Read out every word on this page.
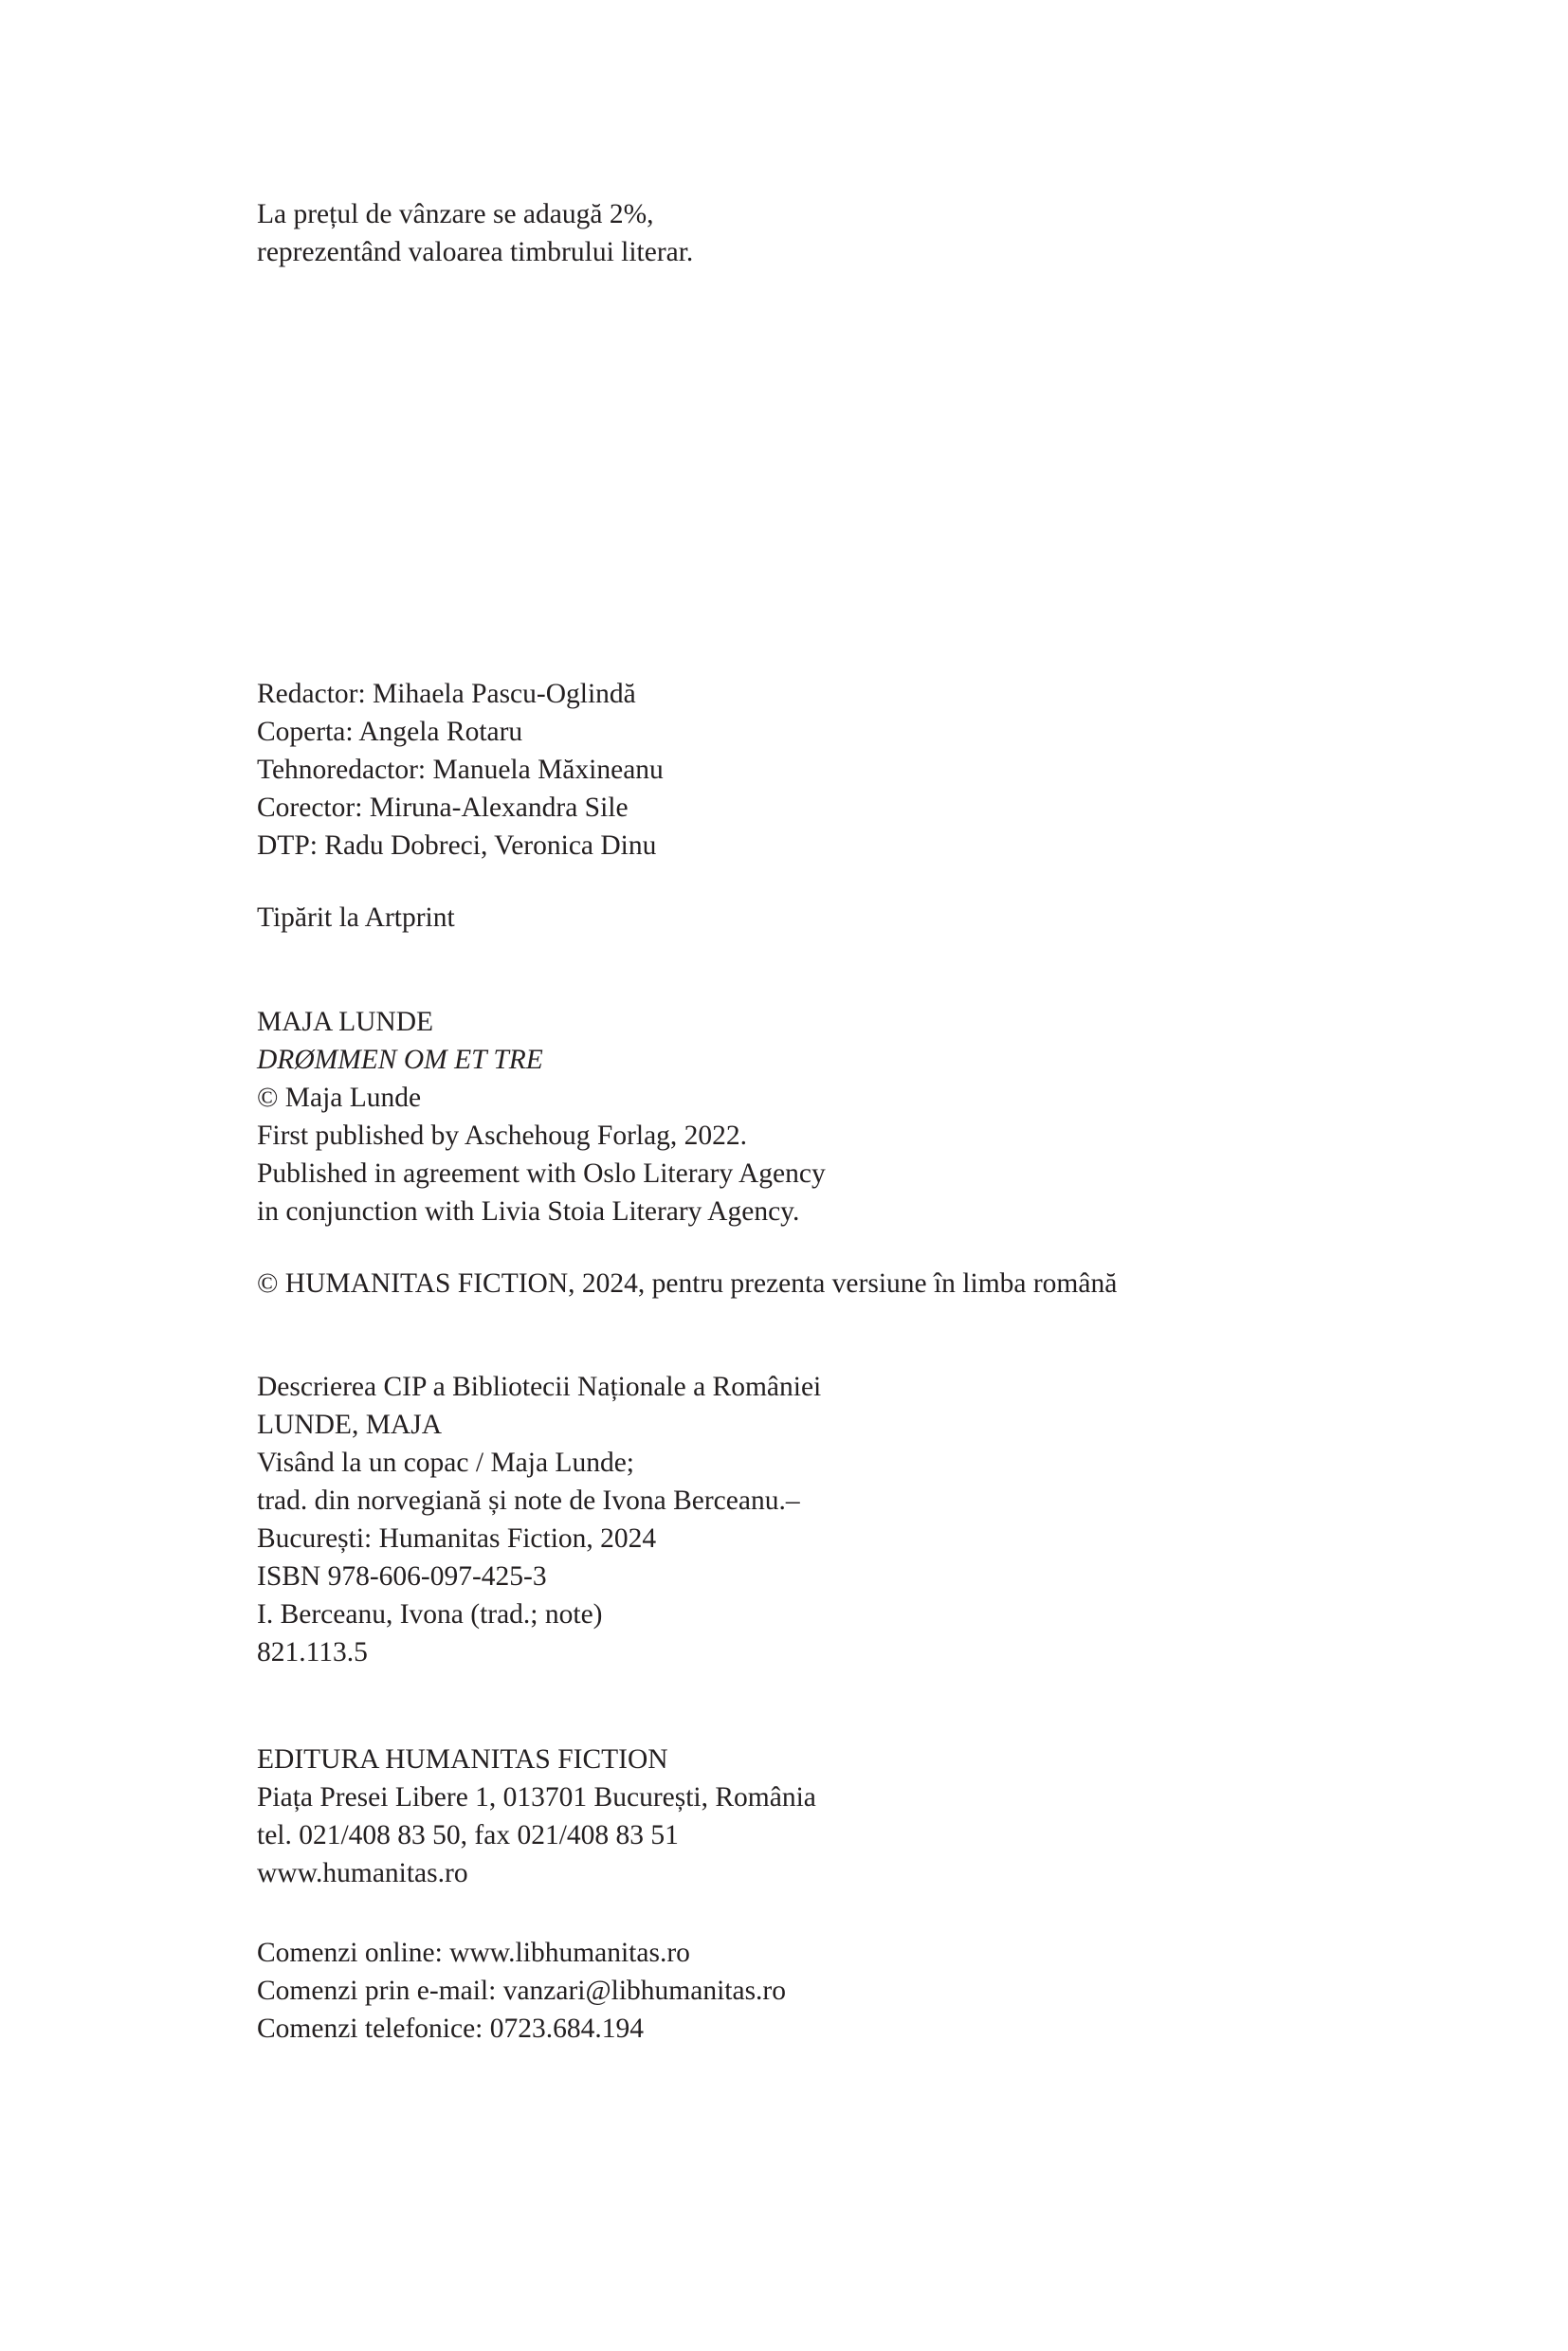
La prețul de vânzare se adaugă 2%,
reprezentând valoarea timbrului literar.
Redactor: Mihaela Pascu-Oglindă
Coperta: Angela Rotaru
Tehnoredactor: Manuela Măxineanu
Corector: Miruna-Alexandra Sile
DTP: Radu Dobreci, Veronica Dinu
Tipărit la Artprint
MAJA LUNDE
DRØMMEN OM ET TRE
© Maja Lunde
First published by Aschehoug Forlag, 2022.
Published in agreement with Oslo Literary Agency
in conjunction with Livia Stoia Literary Agency.
© HUMANITAS FICTION, 2024, pentru prezenta versiune în limba română
Descrierea CIP a Bibliotecii Naționale a României
LUNDE, MAJA
Visând la un copac / Maja Lunde;
trad. din norvegiană și note de Ivona Berceanu.–
București: Humanitas Fiction, 2024
ISBN 978-606-097-425-3
I. Berceanu, Ivona (trad.; note)
821.113.5
EDITURA HUMANITAS FICTION
Piața Presei Libere 1, 013701 București, România
tel. 021/408 83 50, fax 021/408 83 51
www.humanitas.ro
Comenzi online: www.libhumanitas.ro
Comenzi prin e-mail: vanzari@libhumanitas.ro
Comenzi telefonice: 0723.684.194
